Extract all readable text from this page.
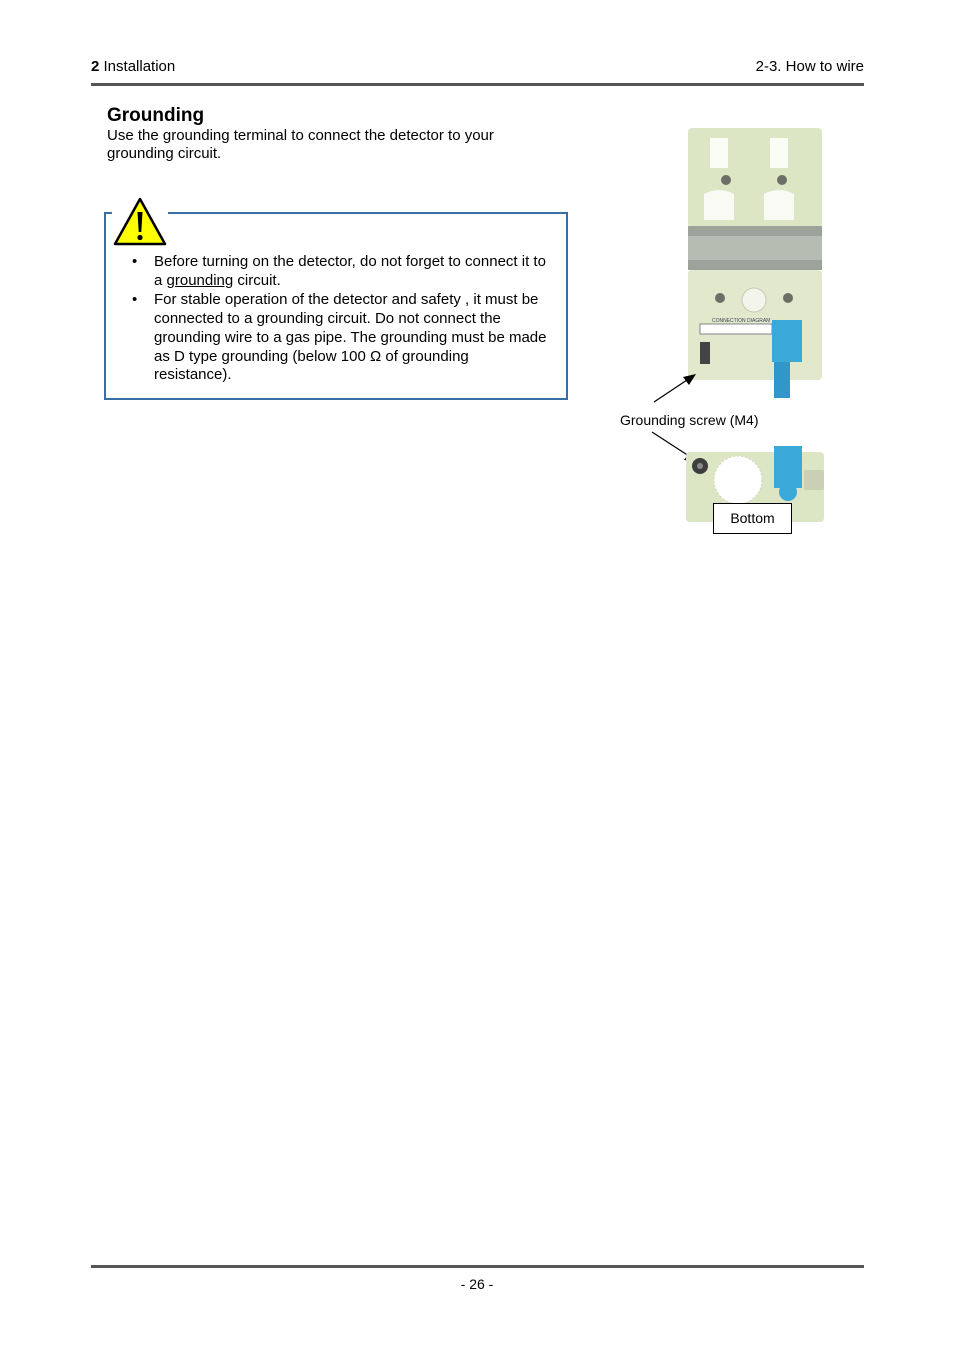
2 Installation	2-3. How to wire
Grounding
Use the grounding terminal to connect the detector to your grounding circuit.
• Before turning on the detector, do not forget to connect it to a grounding circuit.
• For stable operation of the detector and safety , it must be connected to a grounding circuit. Do not connect the grounding wire to a gas pipe. The grounding must be made as D type grounding (below 100 Ω of grounding resistance).
CONNECTION DIAGRAM
Grounding screw (M4)
Bottom
- 26 -
